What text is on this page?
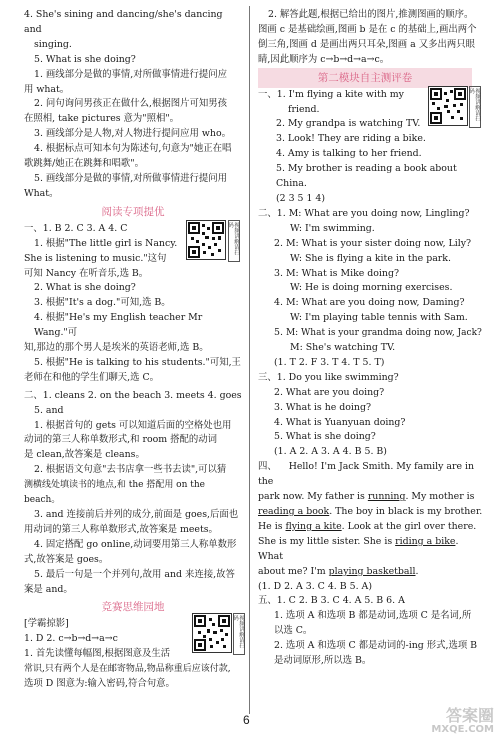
4. She's sining and dancing/she's dancing and

singing.

5. What is she doing?

1. 画线部分是做的事情,对所做事情进行提问应

用 what。

2. 问句询问男孩正在做什么,根据图片可知男孩

在照相, take pictures 意为"照相"。

3. 画线部分是人物,对人物进行提问应用 who。

4. 根据标点可知本句为陈述句,句意为"她正在唱

歌跳舞/她正在跳舞和唱歌"。

5. 画线部分是做的事情,对所做事情进行提问用

What。

阅读专项提优

一、1. B 2. C 3. A 4. C

1. 根据"The little girl is Nancy.

She is listening to music."这句

可知 Nancy 在听音乐,选 B。

2. What is she doing?

3. 根据"It's a dog."可知,选 B。

4. 根据"He's my English teacher Mr Wang."可

知,那边的那个男人是埃米的英语老师,选 B。

5. 根据"He is talking to his students."可知,王

老师在和他的学生们聊天,选 C。

视频讲解请扫码

二、1. cleans 2. on the beach 3. meets 4. goes

5. and

1. 根据首句的 gets 可以知道后面的空格处也用

动词的第三人称单数形式,和 room 搭配的动词

是 clean,故答案是 cleans。

2. 根据语文句意"去书店拿一些书去读",可以猜

测横线处填读书的地点,和 the 搭配用 on the beach。

3. and 连接前后并列的成分,前面是 goes,后面也

用动词的第三人称单数形式,故答案是 meets。

4. 固定搭配 go online,动词要用第三人称单数形

式,故答案是 goes。

5. 最后一句是一个并列句,故用 and 来连接,故答

案是 and。

竞赛思维园地

[学霸掠影]

1. D 2. c→b→d→a→c

1. 首先读懂每幅图,根据图意及生活

常识,只有两个人是在邮寄物品,物品称重后应该付款,

选项 D 图意为:输入密码,符合句意。

视频讲解请扫码

2. 解答此题,根据已给出的图片,推测图画的顺序。

图画 c 是基础绘画,图画 b 是在 c 的基础上,画出两个

倒三角,图画 d 是画出两只耳朵,图画 a 又多出两只眼

睛,因此顺序为 c→b→d→a→c。

第二模块自主测评卷

一、1. I'm flying a kite with my

friend.

2. My grandpa is watching TV.

3. Look! They are riding a bike.

4. Amy is talking to her friend.

5. My brother is reading a book about China.

(2 3 5 1 4)

视频讲解请扫码

二、1. M: What are you doing now, Lingling?

W: I'm swimming.

2. M: What is your sister doing now, Lily?

W: She is flying a kite in the park.

3. M: What is Mike doing?

W: He is doing morning exercises.

4. M: What are you doing now, Daming?

W: I'm playing table tennis with Sam.

5. M: What is your grandma doing now, Jack?

M: She's watching TV.

(1. T 2. F 3. T 4. T 5. T)

三、1. Do you like swimming?

2. What are you doing?

3. What is he doing?

4. What is Yuanyuan doing?

5. What is she doing?

(1. A 2. A 3. A 4. B 5. B)

四、 Hello! I'm Jack Smith. My family are in the

park now. My father is running. My mother is

reading a book. The boy in black is my brother.

He is flying a kite. Look at the girl over there.

She is my little sister. She is riding a bike. What

about me? I'm playing basketball.

(1. D 2. A 3. C 4. B 5. A)

五、1. C 2. B 3. C 4. A 5. B 6. A

1. 选项 A 和选项 B 都是动词,选项 C 是名词,所

以选 C。

2. 选项 A 和选项 C 都是动词的-ing 形式,选项 B

是动词原形,所以选 B。

6	答案圈
MXQE.COM
